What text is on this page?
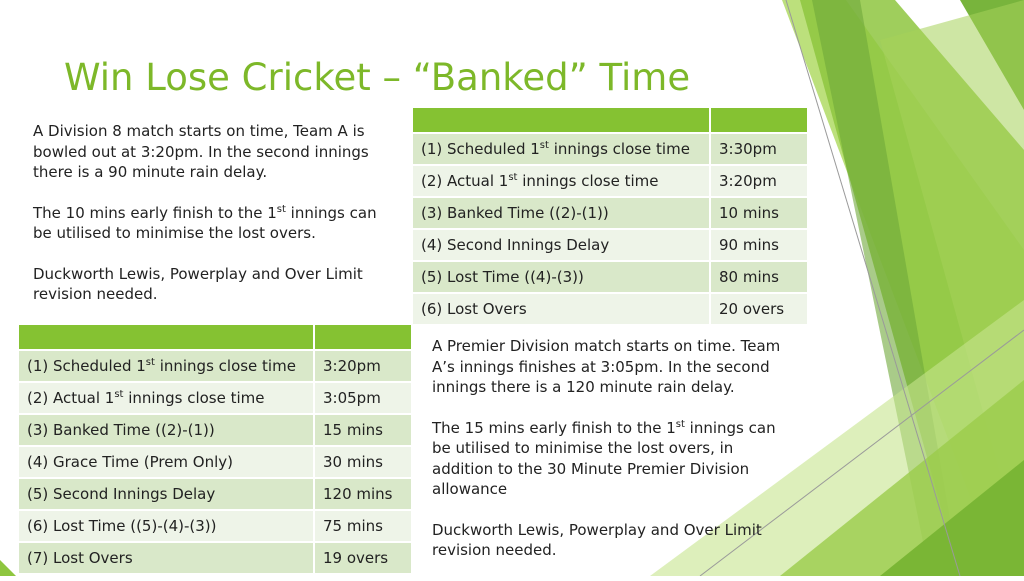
Win Lose Cricket – “Banked” Time

A Division 8 match starts on time, Team A is bowled out at 3:20pm. In the second innings there is a 90 minute rain delay.

The 10 mins early finish to the 1st innings can be utilised to minimise the lost overs.

Duckworth Lewis, Powerplay and Over Limit revision needed.

(1) Scheduled 1st innings close time	3:30pm
(2) Actual 1st innings close time	3:20pm
(3) Banked Time ((2)-(1))	10 mins
(4) Second Innings Delay	90 mins
(5) Lost Time ((4)-(3))	80 mins
(6) Lost Overs	20 overs

(1) Scheduled 1st innings close time	3:20pm
(2) Actual 1st innings close time	3:05pm
(3) Banked Time ((2)-(1))	15 mins
(4) Grace Time (Prem Only)	30 mins
(5) Second Innings Delay	120 mins
(6) Lost Time ((5)-(4)-(3))	75 mins
(7) Lost Overs	19 overs

A Premier Division match starts on time. Team A’s innings finishes at 3:05pm. In the second innings there is a 120 minute rain delay.

The 15 mins early finish to the 1st innings can be utilised to minimise the lost overs, in addition to the 30 Minute Premier Division allowance

Duckworth Lewis, Powerplay and Over Limit revision needed.
